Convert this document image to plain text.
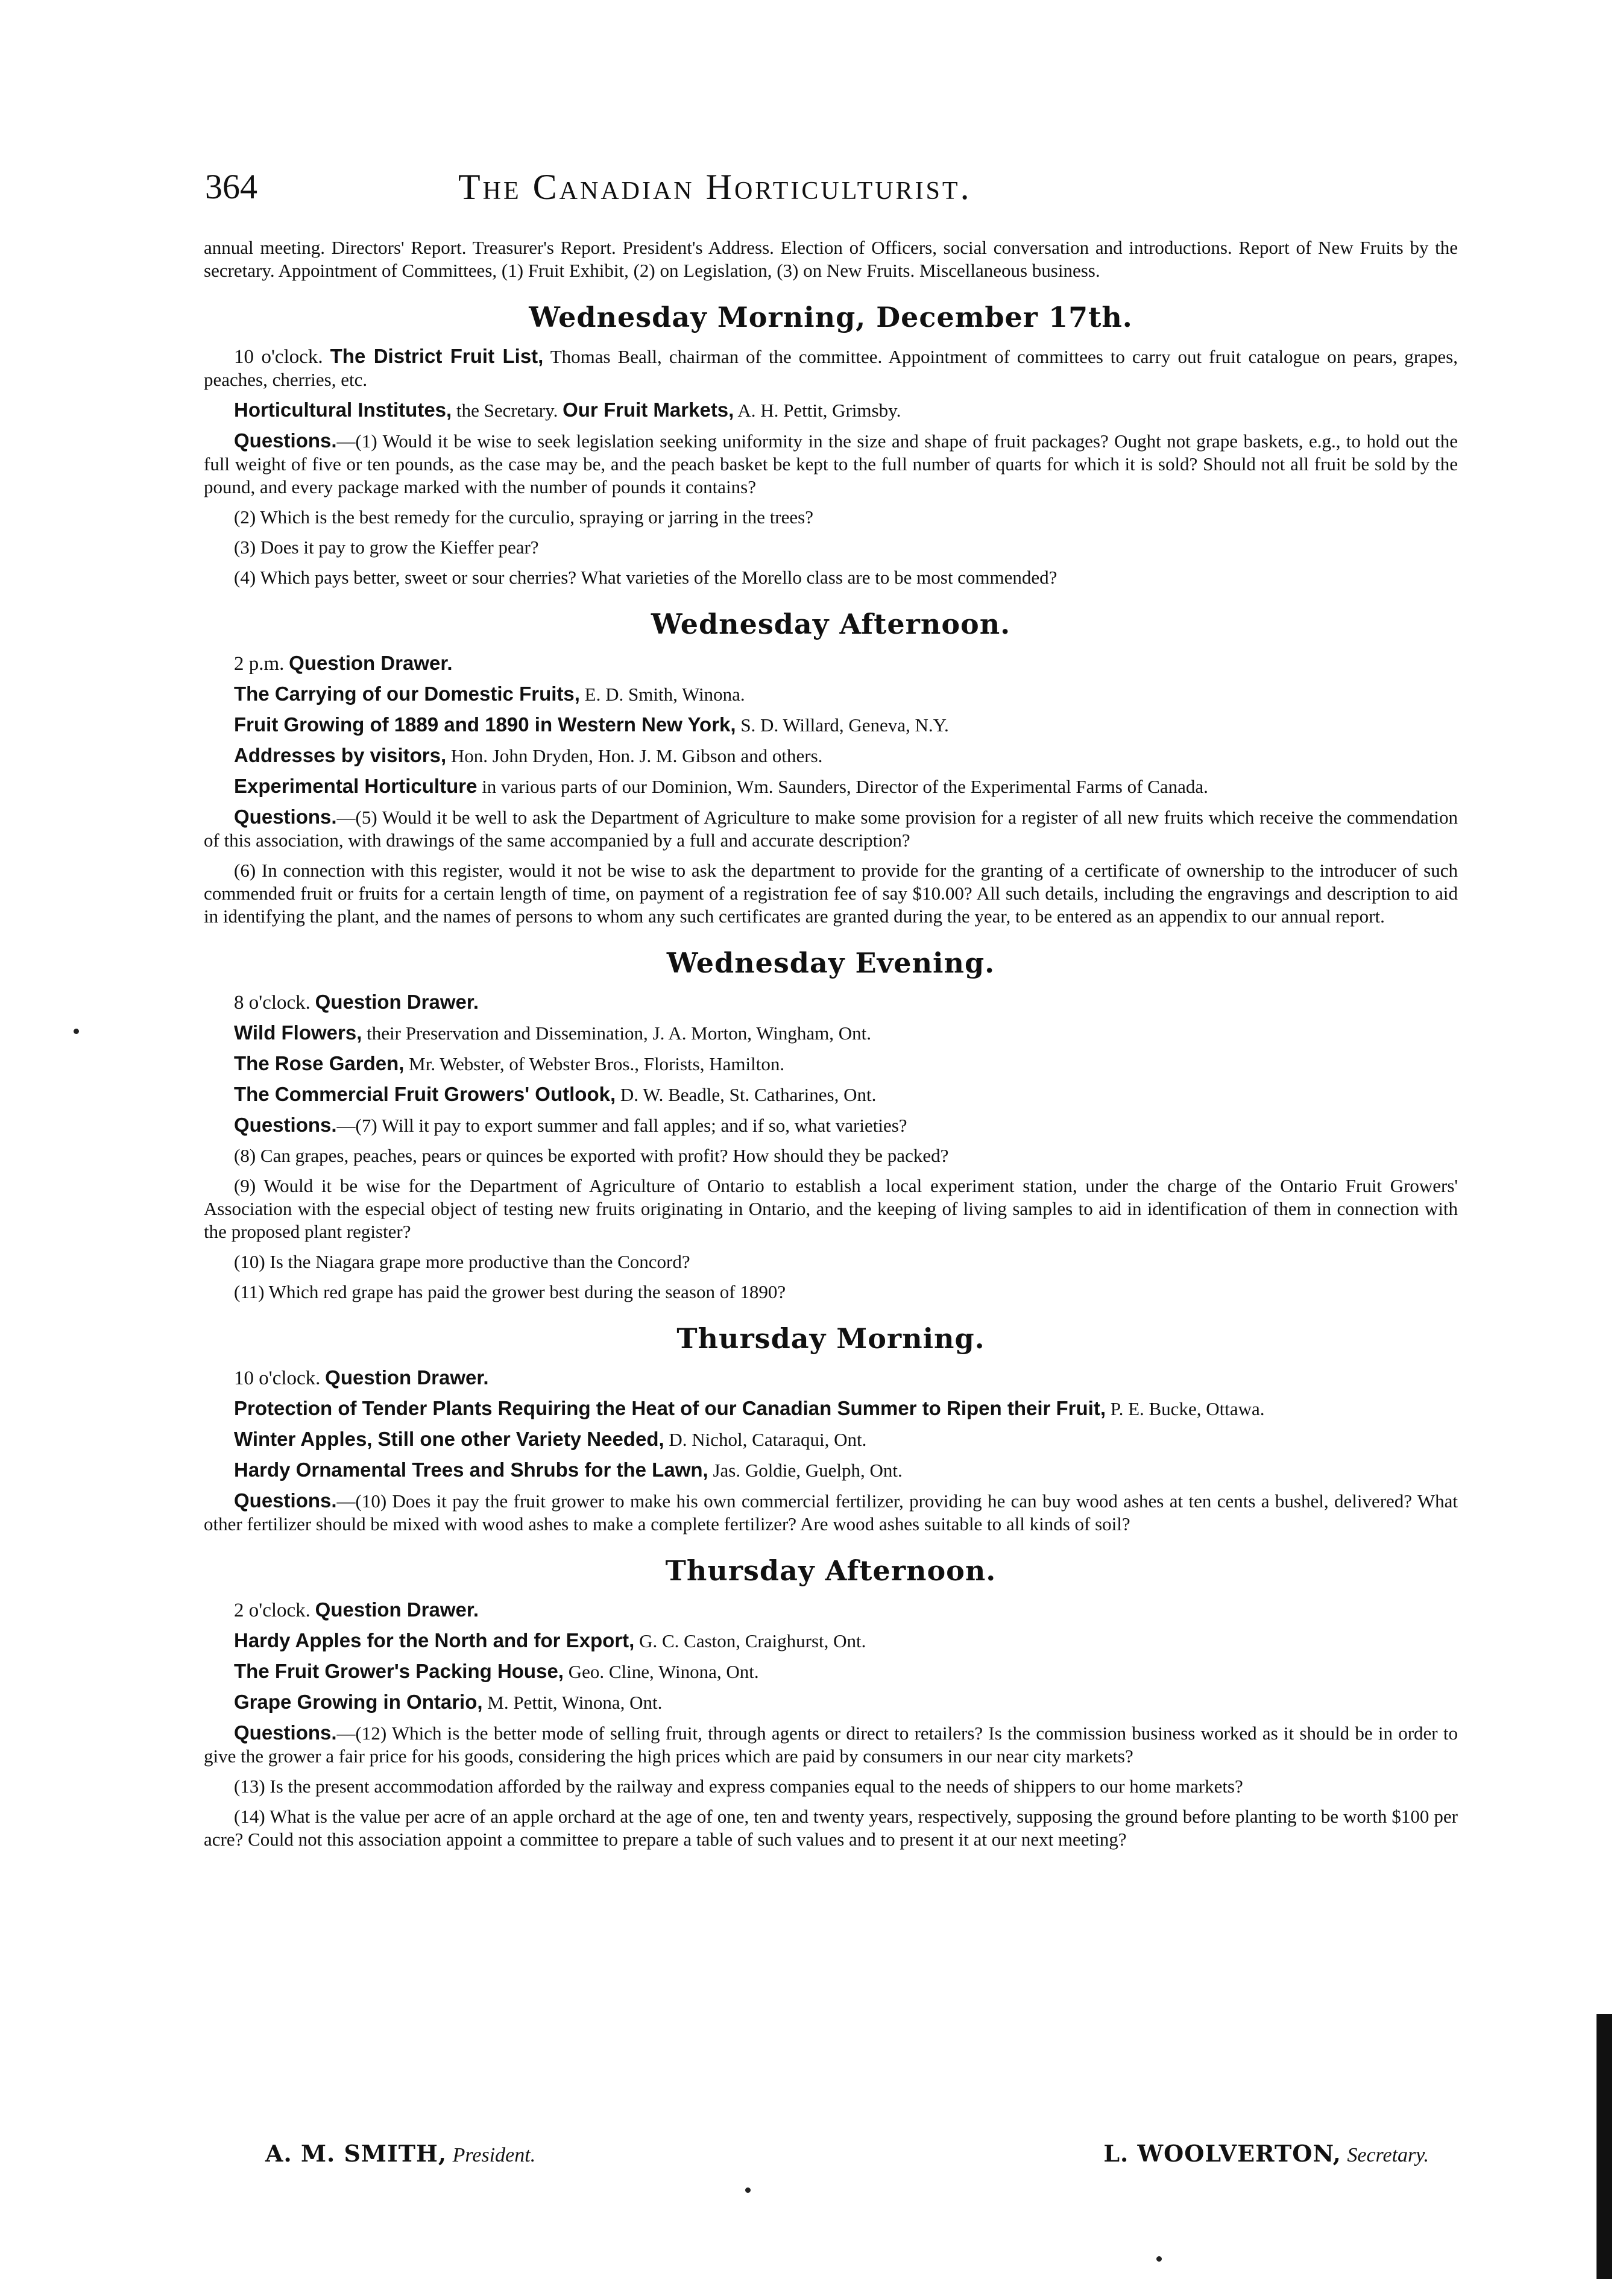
364	The Canadian Horticulturist.

annual meeting. Directors' Report. Treasurer's Report. President's Address. Election of Officers, social conversation and introductions. Report of New Fruits by the secretary. Appointment of Committees, (1) Fruit Exhibit, (2) on Legislation, (3) on New Fruits. Miscellaneous business.

Wednesday Morning, December 17th.

10 o'clock. The District Fruit List, Thomas Beall, chairman of the committee. Appointment of committees to carry out fruit catalogue on pears, grapes, peaches, cherries, etc.

Horticultural Institutes, the Secretary. Our Fruit Markets, A. H. Pettit, Grimsby.

Questions.—(1) Would it be wise to seek legislation seeking uniformity in the size and shape of fruit packages? Ought not grape baskets, e.g., to hold out the full weight of five or ten pounds, as the case may be, and the peach basket be kept to the full number of quarts for which it is sold? Should not all fruit be sold by the pound, and every package marked with the number of pounds it contains?

(2) Which is the best remedy for the curculio, spraying or jarring in the trees?

(3) Does it pay to grow the Kieffer pear?

(4) Which pays better, sweet or sour cherries? What varieties of the Morello class are to be most commended?

Wednesday Afternoon.

2 p.m. Question Drawer.

The Carrying of our Domestic Fruits, E. D. Smith, Winona.

Fruit Growing of 1889 and 1890 in Western New York, S. D. Willard, Geneva, N.Y.

Addresses by visitors, Hon. John Dryden, Hon. J. M. Gibson and others.

Experimental Horticulture in various parts of our Dominion, Wm. Saunders, Director of the Experimental Farms of Canada.

Questions.—(5) Would it be well to ask the Department of Agriculture to make some provision for a register of all new fruits which receive the commendation of this association, with drawings of the same accompanied by a full and accurate description?

(6) In connection with this register, would it not be wise to ask the department to provide for the granting of a certificate of ownership to the introducer of such commended fruit or fruits for a certain length of time, on payment of a registration fee of say $10.00? All such details, including the engravings and description to aid in identifying the plant, and the names of persons to whom any such certificates are granted during the year, to be entered as an appendix to our annual report.

Wednesday Evening.

8 o'clock. Question Drawer.

Wild Flowers, their Preservation and Dissemination, J. A. Morton, Wingham, Ont.

The Rose Garden, Mr. Webster, of Webster Bros., Florists, Hamilton.

The Commercial Fruit Growers' Outlook, D. W. Beadle, St. Catharines, Ont.

Questions.—(7) Will it pay to export summer and fall apples; and if so, what varieties?

(8) Can grapes, peaches, pears or quinces be exported with profit? How should they be packed?

(9) Would it be wise for the Department of Agriculture of Ontario to establish a local experiment station, under the charge of the Ontario Fruit Growers' Association with the especial object of testing new fruits originating in Ontario, and the keeping of living samples to aid in identification of them in connection with the proposed plant register?

(10) Is the Niagara grape more productive than the Concord?

(11) Which red grape has paid the grower best during the season of 1890?

Thursday Morning.

10 o'clock. Question Drawer.

Protection of Tender Plants Requiring the Heat of our Canadian Summer to Ripen their Fruit, P. E. Bucke, Ottawa.

Winter Apples, Still one other Variety Needed, D. Nichol, Cataraqui, Ont.

Hardy Ornamental Trees and Shrubs for the Lawn, Jas. Goldie, Guelph, Ont.

Questions.—(10) Does it pay the fruit grower to make his own commercial fertilizer, providing he can buy wood ashes at ten cents a bushel, delivered? What other fertilizer should be mixed with wood ashes to make a complete fertilizer? Are wood ashes suitable to all kinds of soil?

Thursday Afternoon.

2 o'clock. Question Drawer.

Hardy Apples for the North and for Export, G. C. Caston, Craighurst, Ont.

The Fruit Grower's Packing House, Geo. Cline, Winona, Ont.

Grape Growing in Ontario, M. Pettit, Winona, Ont.

Questions.—(12) Which is the better mode of selling fruit, through agents or direct to retailers? Is the commission business worked as it should be in order to give the grower a fair price for his goods, considering the high prices which are paid by consumers in our near city markets?

(13) Is the present accommodation afforded by the railway and express companies equal to the needs of shippers to our home markets?

(14) What is the value per acre of an apple orchard at the age of one, ten and twenty years, respectively, supposing the ground before planting to be worth $100 per acre? Could not this association appoint a committee to prepare a table of such values and to present it at our next meeting?

A. M. SMITH, President.	L. WOOLVERTON, Secretary.
